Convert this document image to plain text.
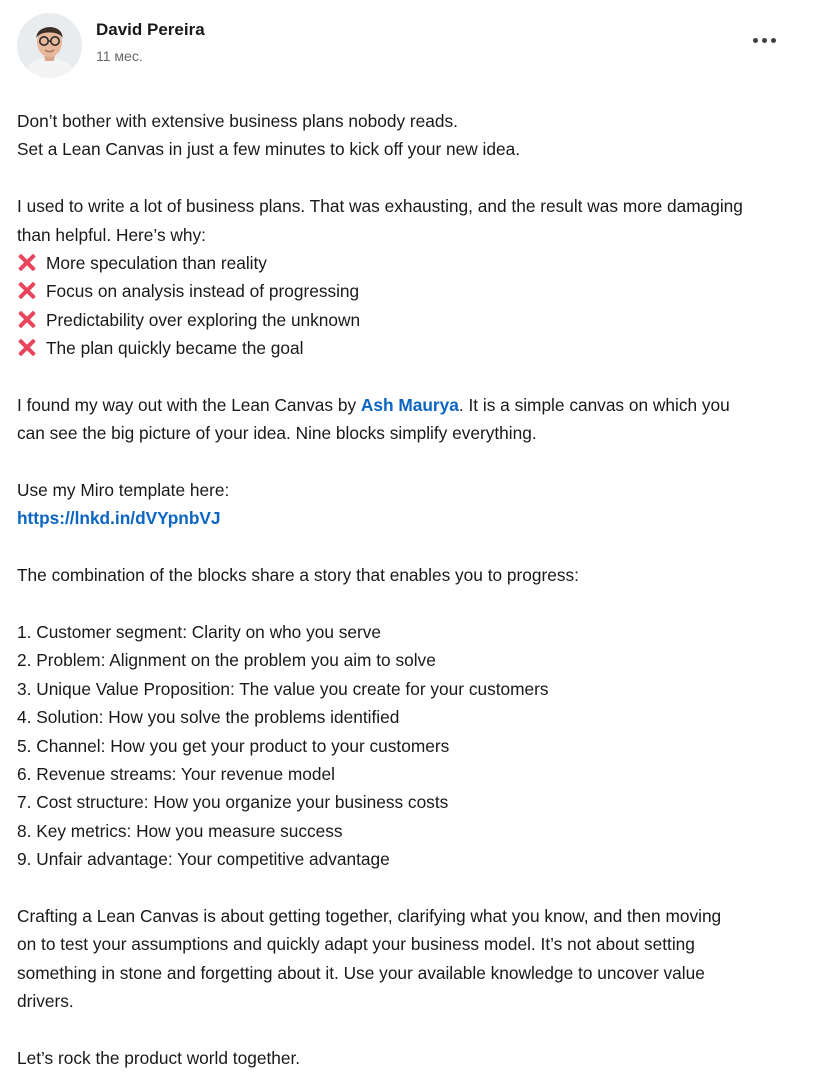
David Pereira
11 мес.
Don’t bother with extensive business plans nobody reads.
Set a Lean Canvas in just a few minutes to kick off your new idea.
I used to write a lot of business plans. That was exhausting, and the result was more damaging
than helpful. Here’s why:
More speculation than reality
Focus on analysis instead of progressing
Predictability over exploring the unknown
The plan quickly became the goal
I found my way out with the Lean Canvas by Ash Maurya. It is a simple canvas on which you
can see the big picture of your idea. Nine blocks simplify everything.
Use my Miro template here:
https://lnkd.in/dVYpnbVJ
The combination of the blocks share a story that enables you to progress:
1. Customer segment: Clarity on who you serve
2. Problem: Alignment on the problem you aim to solve
3. Unique Value Proposition: The value you create for your customers
4. Solution: How you solve the problems identified
5. Channel: How you get your product to your customers
6. Revenue streams: Your revenue model
7. Cost structure: How you organize your business costs
8. Key metrics: How you measure success
9. Unfair advantage: Your competitive advantage
Crafting a Lean Canvas is about getting together, clarifying what you know, and then moving
on to test your assumptions and quickly adapt your business model. It’s not about setting
something in stone and forgetting about it. Use your available knowledge to uncover value
drivers.
Let’s rock the product world together.
